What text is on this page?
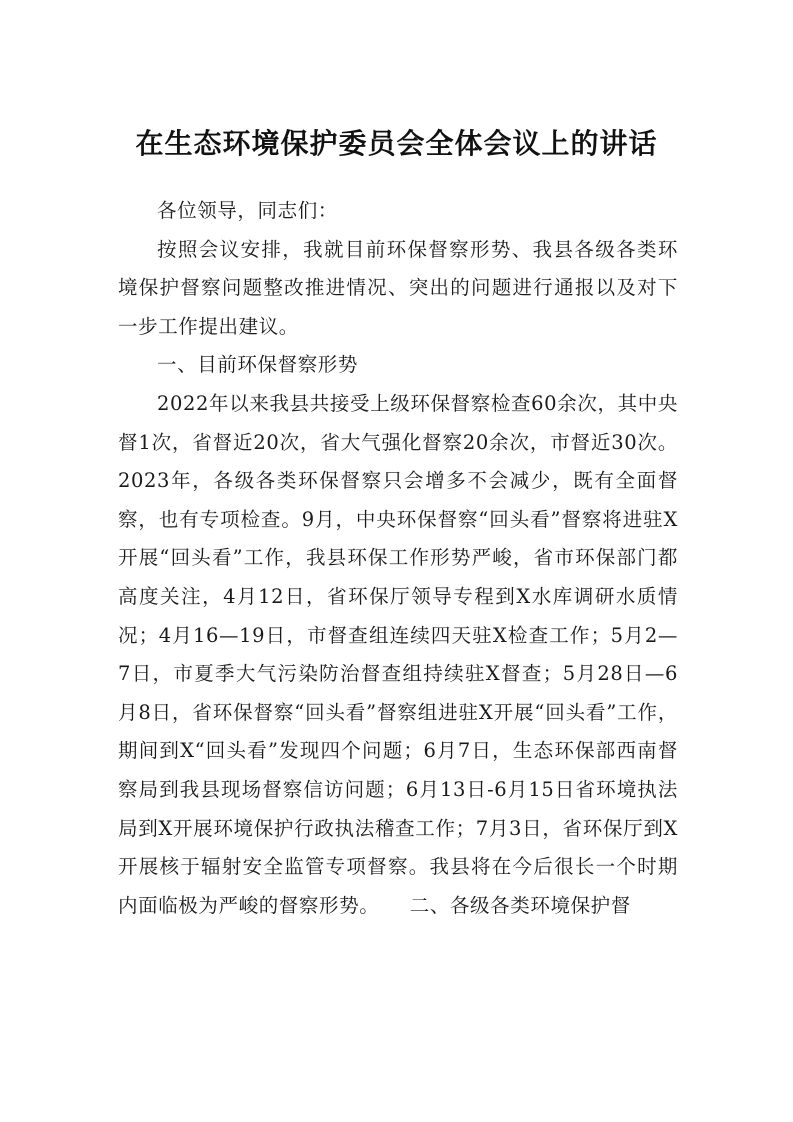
在生态环境保护委员会全体会议上的讲话

各位领导，同志们：

按照会议安排，我就目前环保督察形势、我县各级各类环境保护督察问题整改推进情况、突出的问题进行通报以及对下一步工作提出建议。

一、目前环保督察形势

2022年以来我县共接受上级环保督察检查60余次，其中央督1次，省督近20次，省大气强化督察20余次，市督近30次。2023年，各级各类环保督察只会增多不会减少，既有全面督察，也有专项检查。9月，中央环保督察“回头看”督察将进驻X开展“回头看”工作，我县环保工作形势严峻，省市环保部门都高度关注，4月12日，省环保厅领导专程到X水库调研水质情况；4月16—19日，市督查组连续四天驻X检查工作；5月2—7日，市夏季大气污染防治督查组持续驻X督查；5月28日—6月8日，省环保督察“回头看”督察组进驻X开展“回头看”工作，期间到X“回头看”发现四个问题；6月7日，生态环保部西南督察局到我县现场督察信访问题；6月13日-6月15日省环境执法局到X开展环境保护行政执法稽查工作；7月3日，省环保厅到X开展核于辐射安全监管专项督察。我县将在今后很长一个时期内面临极为严峻的督察形势。　　二、各级各类环境保护督
